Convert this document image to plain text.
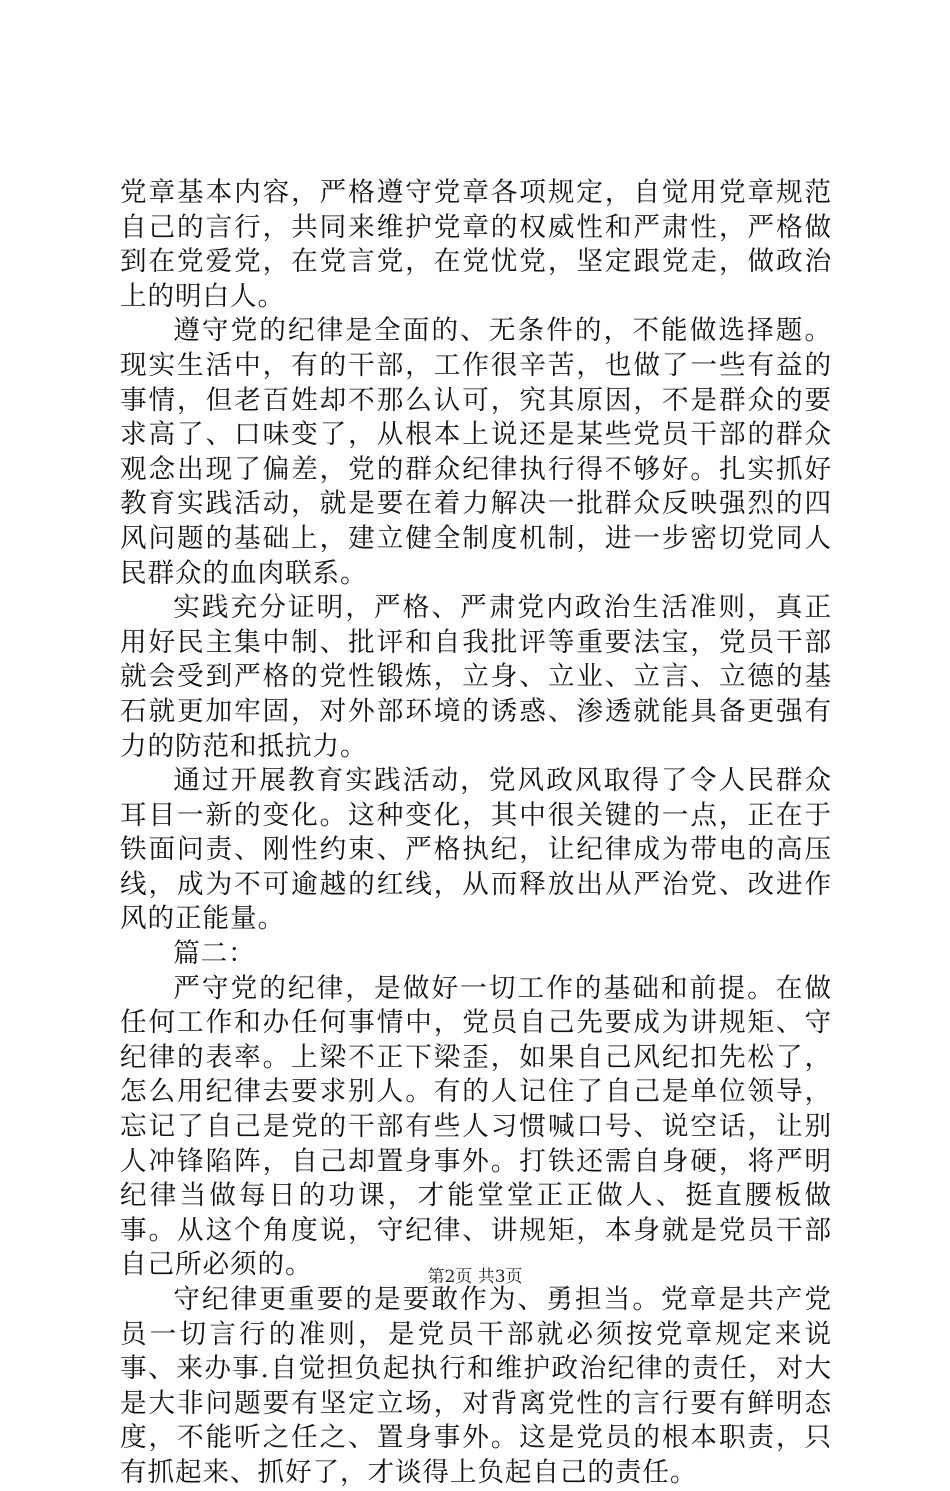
党章基本内容，严格遵守党章各项规定，自觉用党章规范自己的言行，共同来维护党章的权威性和严肃性，严格做到在党爱党，在党言党，在党忧党，坚定跟党走，做政治上的明白人。

遵守党的纪律是全面的、无条件的，不能做选择题。现实生活中，有的干部，工作很辛苦，也做了一些有益的事情，但老百姓却不那么认可，究其原因，不是群众的要求高了、口味变了，从根本上说还是某些党员干部的群众观念出现了偏差，党的群众纪律执行得不够好。扎实抓好教育实践活动，就是要在着力解决一批群众反映强烈的四风问题的基础上，建立健全制度机制，进一步密切党同人民群众的血肉联系。

实践充分证明，严格、严肃党内政治生活准则，真正用好民主集中制、批评和自我批评等重要法宝，党员干部就会受到严格的党性锻炼，立身、立业、立言、立德的基石就更加牢固，对外部环境的诱惑、渗透就能具备更强有力的防范和抵抗力。

通过开展教育实践活动，党风政风取得了令人民群众耳目一新的变化。这种变化，其中很关键的一点，正在于铁面问责、刚性约束、严格执纪，让纪律成为带电的高压线，成为不可逾越的红线，从而释放出从严治党、改进作风的正能量。

篇二：

严守党的纪律，是做好一切工作的基础和前提。在做任何工作和办任何事情中，党员自己先要成为讲规矩、守纪律的表率。上梁不正下梁歪，如果自己风纪扣先松了，怎么用纪律去要求别人。有的人记住了自己是单位领导，忘记了自己是党的干部有些人习惯喊口号、说空话，让别人冲锋陷阵，自己却置身事外。打铁还需自身硬，将严明纪律当做每日的功课，才能堂堂正正做人、挺直腰板做事。从这个角度说，守纪律、讲规矩，本身就是党员干部自己所必须的。

守纪律更重要的是要敢作为、勇担当。党章是共产党员一切言行的准则，是党员干部就必须按党章规定来说事、来办事.自觉担负起执行和维护政治纪律的责任，对大是大非问题要有坚定立场，对背离党性的言行要有鲜明态度，不能听之任之、置身事外。这是党员的根本职责，只有抓起来、抓好了，才谈得上负起自己的责任。

第2页 共3页
